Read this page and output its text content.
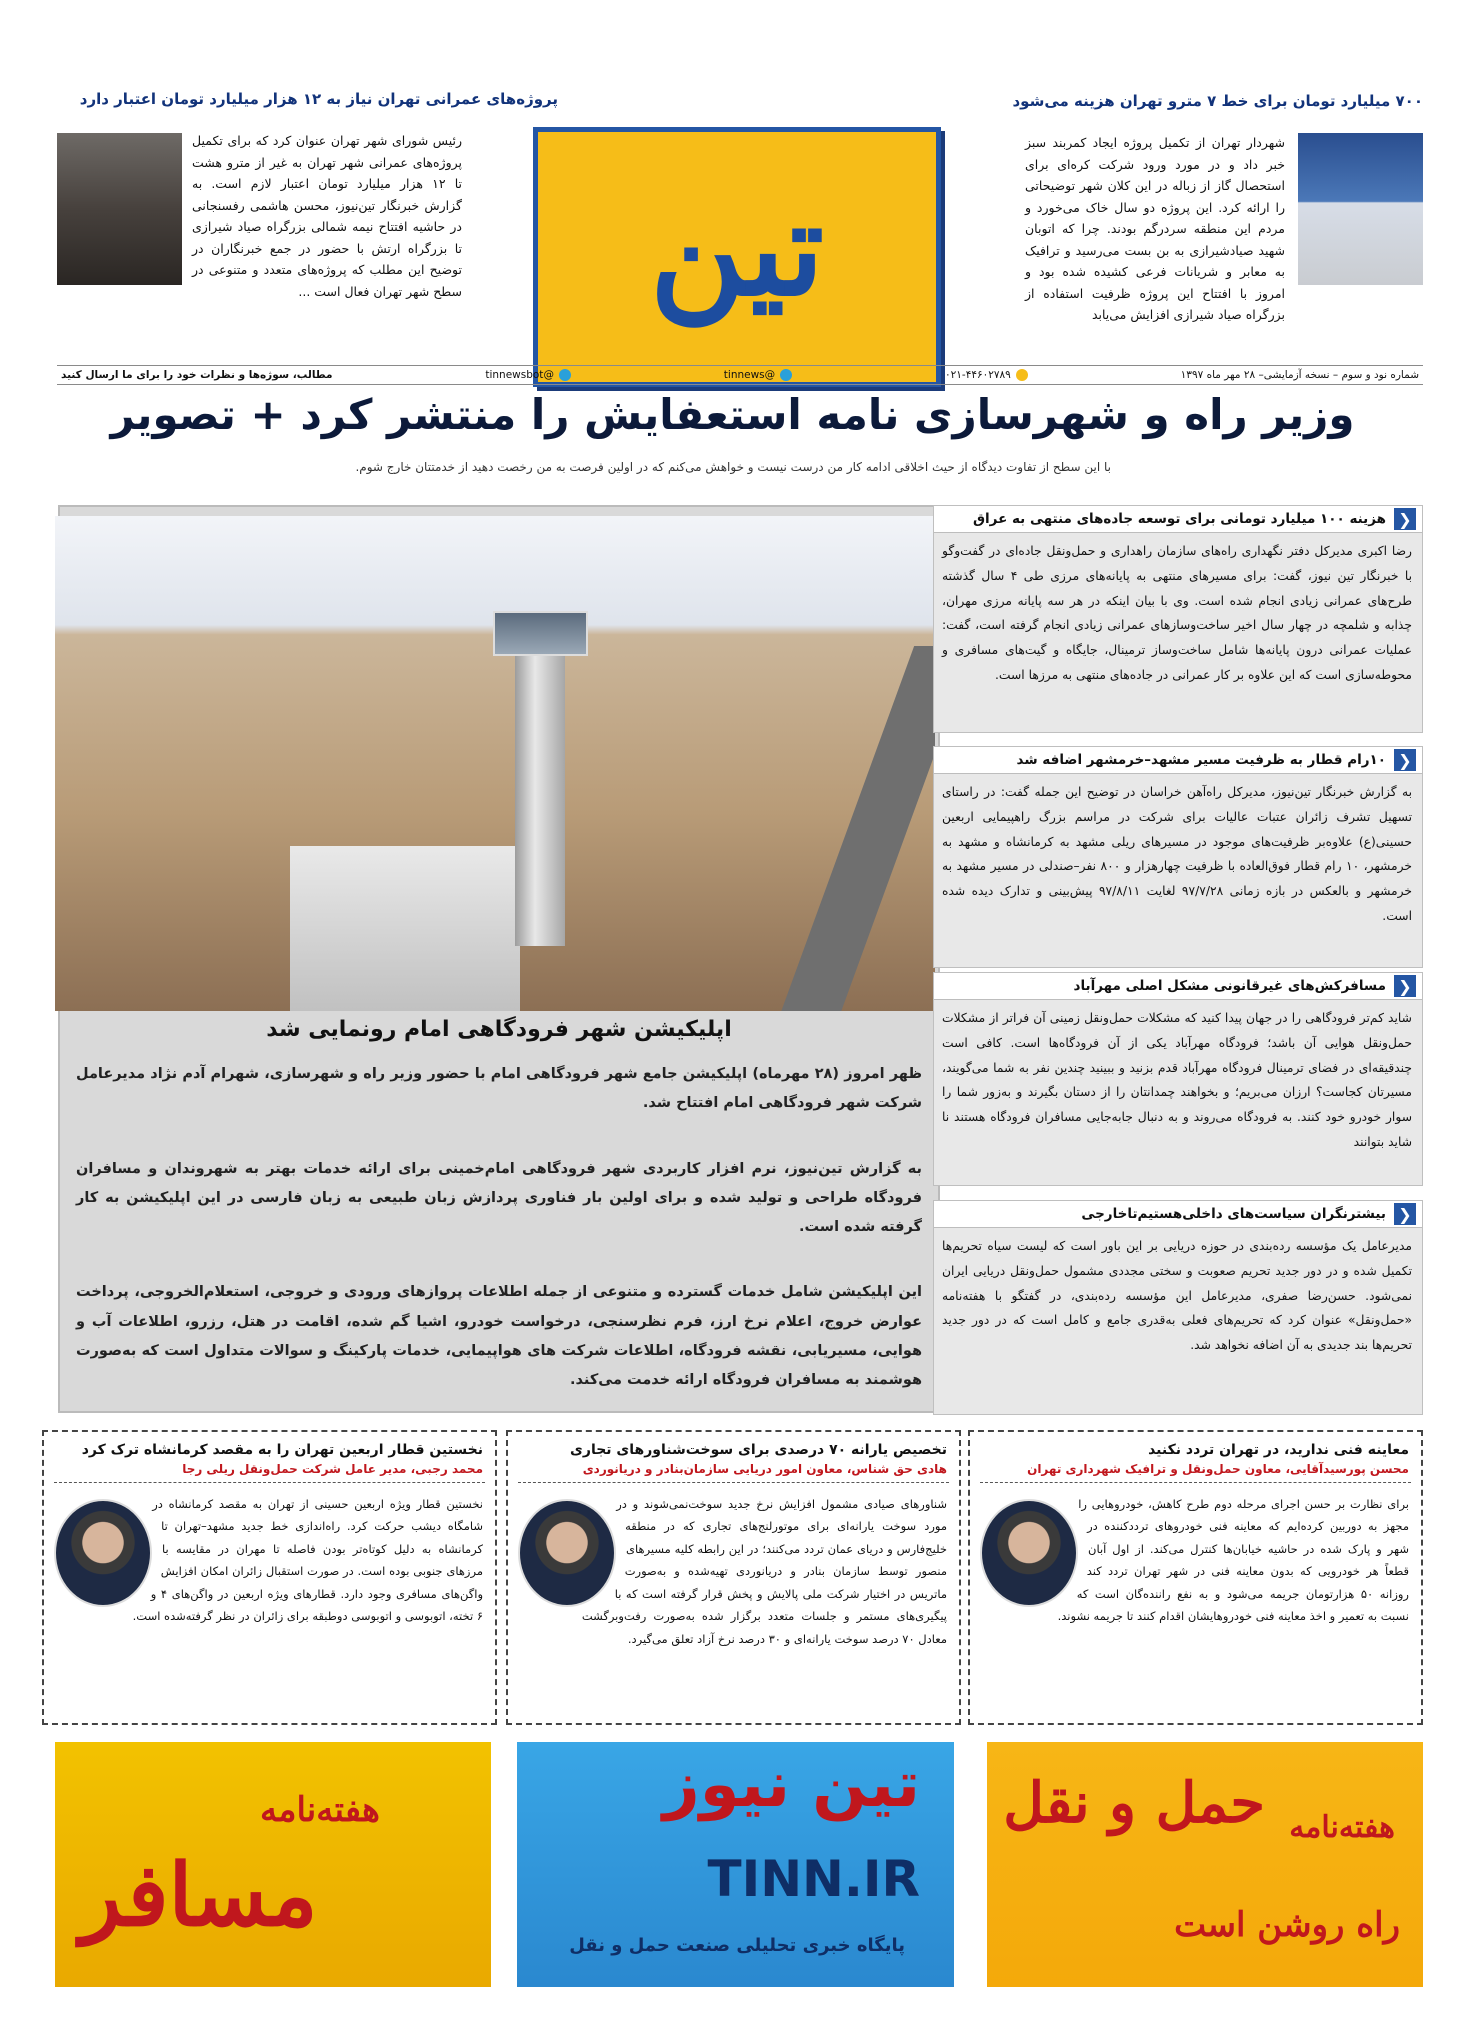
۷۰۰ میلیارد تومان برای خط ۷ مترو تهران هزینه می‌شود
پروژه‌های عمرانی تهران نیاز به ۱۲ هزار میلیارد تومان اعتبار دارد
شهردار تهران از تکمیل پروژه ایجاد کمربند سبز خبر داد و در مورد ورود شرکت کره‌ای برای استحصال گاز از زباله در این کلان شهر توضیحاتی را ارائه کرد. این پروژه دو سال خاک می‌خورد و مردم این منطقه سردرگم بودند. چرا که اتوبان شهید صیادشیرازی به بن بست می‌رسید و ترافیک به معابر و شریانات فرعی کشیده شده بود و امروز با افتتاح این پروژه ظرفیت استفاده از بزرگراه صیاد شیرازی افزایش می‌یابد
رئیس شورای شهر تهران عنوان کرد که برای تکمیل پروژه‌های عمرانی شهر تهران به غیر از مترو هشت تا ۱۲ هزار میلیارد تومان اعتبار لازم است. به گزارش خبرنگار تین‌نیوز، محسن هاشمی رفسنجانی در حاشیه افتتاح نیمه شمالی بزرگراه صیاد شیرازی تا بزرگراه ارتش با حضور در جمع خبرنگاران در توضیح این مطلب که پروژه‌های متعدد و متنوعی در سطح شهر تهران فعال است ...	تین
شماره نود و سوم – نسخه آزمایشی– ۲۸ مهر ماه ۱۳۹۷
۰۲۱-۴۴۶۰۲۷۸۹
@tinnews
@tinnewsbot
مطالب، سوژه‌ها و نظرات خود را برای ما ارسال کنید
وزیر راه و شهرسازی نامه استعفایش را منتشر کرد + تصویر
با این سطح از تفاوت دیدگاه از حیث اخلاقی ادامه کار من درست نیست و خواهش می‌کنم که در اولین فرصت به من رخصت دهید از خدمتتان خارج شوم.
اپلیکیشن شهر فرودگاهی امام رونمایی شد

ظهر امروز (۲۸ مهرماه) اپلیکیشن جامع شهر فرودگاهی امام با حضور وزیر راه و شهرسازی، شهرام آدم نژاد مدیرعامل شرکت شهر فرودگاهی امام افتتاح شد.

به گزارش تین‌نیوز، نرم افزار کاربردی شهر فرودگاهی امام‌خمینی برای ارائه خدمات بهتر به شهروندان و مسافران فرودگاه طراحی و تولید شده و برای اولین بار فناوری پردازش زبان طبیعی به زبان فارسی در این اپلیکیشن به کار گرفته شده است.

این اپلیکیشن شامل خدمات گسترده و متنوعی از جمله اطلاعات پروازهای ورودی و خروجی، استعلام‌الخروجی، پرداخت عوارض خروج، اعلام نرخ ارز، فرم نظرسنجی، درخواست خودرو، اشیا گم شده، اقامت در هتل، رزرو، اطلاعات آب و هوایی، مسیریابی، نقشه فرودگاه، اطلاعات شرکت های هواپیمایی، خدمات پارکینگ و سوالات متداول است که به‌صورت هوشمند به مسافران فرودگاه ارائه خدمت می‌کند.

❮
هزینه ۱۰۰ میلیارد تومانی برای توسعه جاده‌های منتهی به عراق
رضا اکبری مدیرکل دفتر نگهداری راه‌های سازمان راهداری و حمل‌ونقل جاده‌ای در گفت‌وگو با خبرنگار تین نیوز، گفت: برای مسیرهای منتهی به پایانه‌های مرزی طی ۴ سال گذشته طرح‌های عمرانی زیادی انجام شده است. وی با بیان اینکه در هر سه پایانه مرزی مهران، چذابه و شلمچه در چهار سال اخیر ساخت‌وسازهای عمرانی زیادی انجام گرفته است، گفت: عملیات عمرانی درون پایانه‌ها شامل ساخت‌وساز ترمینال، جایگاه و گیت‌های مسافری و محوطه‌سازی است که این علاوه بر کار عمرانی در جاده‌های منتهی به مرزها است.
❮
۱۰رام قطار به ظرفیت مسیر مشهد–خرمشهر اضافه شد
به گزارش خبرنگار تین‌نیوز، مدیرکل راه‌آهن خراسان در توضیح این جمله گفت: در راستای تسهیل تشرف زائران عتبات عالیات برای شرکت در مراسم بزرگ راهپیمایی اربعین حسینی(ع) علاوه‌بر ظرفیت‌های موجود در مسیرهای ریلی مشهد به کرمانشاه و مشهد به خرمشهر، ۱۰ رام قطار فوق‌العاده با ظرفیت چهارهزار و ۸۰۰ نفر–صندلی در مسیر مشهد به خرمشهر و بالعکس در بازه زمانی ۹۷/۷/۲۸ لغایت ۹۷/۸/۱۱ پیش‌بینی و تدارک دیده شده است.
❮
مسافرکش‌های غیرقانونی مشکل اصلی مهرآباد
شاید کم‌تر فرودگاهی را در جهان پیدا کنید که مشکلات حمل‌ونقل زمینی آن فراتر از مشکلات حمل‌ونقل هوایی آن باشد؛ فرودگاه مهرآباد یکی از آن فرودگاه‌ها است. کافی است چندقیقه‌ای در فضای ترمینال فرودگاه مهرآباد قدم بزنید و ببینید چندین نفر به شما می‌گویند، مسیرتان کجاست؟ ارزان می‌بریم؛ و بخواهند چمدانتان را از دستان بگیرند و به‌زور شما را سوار خودرو خود کنند. به فرودگاه می‌روند و به دنبال جابه‌جایی مسافران فرودگاه هستند نا شاید بتوانند
❮
بیشترنگران سیاست‌های داخلی‌هستیم‌تاخارجی
مدیرعامل یک مؤسسه رده‌بندی در حوزه دریایی بر این باور است که لیست سیاه تحریم‌ها تکمیل شده و در دور جدید تحریم صعوبت و سختی مجددی مشمول حمل‌ونقل دریایی ایران نمی‌شود. حسن‌رضا صفری، مدیرعامل این مؤسسه رده‌بندی، در گفتگو با هفته‌نامه «حمل‌ونقل» عنوان کرد که تحریم‌های فعلی به‌قدری جامع و کامل است که در دور جدید تحریم‌ها بند جدیدی به آن اضافه نخواهد شد.
معاینه فنی ندارید، در تهران تردد نکنید
محسن پورسیدآقایی، معاون حمل‌ونقل و ترافیک شهرداری تهران
برای نظارت بر حسن اجرای مرحله دوم طرح کاهش، خودروهایی را مجهز به دوربین کرده‌ایم که معاینه فنی خودروهای ترددکننده در شهر و پارک شده در حاشیه خیابان‌ها کنترل می‌کند. از اول آبان قطعاً هر خودرویی که بدون معاینه فنی در شهر تهران تردد کند روزانه ۵۰ هزارتومان جریمه می‌شود و به نفع راننده‌گان است که نسبت به تعمیر و اخذ معاینه فنی خودروهایشان اقدام کنند تا جریمه نشوند.
تخصیص یارانه ۷۰ درصدی برای سوخت‌شناورهای تجاری
هادی حق شناس، معاون امور دریایی سازمان‌بنادر و دریانوردی
شناورهای صیادی مشمول افزایش نرخ جدید سوخت‌نمی‌شوند و در مورد سوخت یارانه‌ای برای موتورلنج‌های تجاری که در منطقه خلیج‌فارس و دریای عمان تردد می‌کنند؛ در این رابطه کلیه مسیرهای منصور توسط سازمان بنادر و دریانوردی تهیه‌شده و به‌صورت ماتریس در اختیار شرکت ملی پالایش و پخش قرار گرفته است که با پیگیری‌های مستمر و جلسات متعدد برگزار شده به‌صورت رفت‌وبرگشت معادل ۷۰ درصد سوخت یارانه‌ای و ۳۰ درصد نرخ آزاد تعلق می‌گیرد.
نخستین قطار اربعین تهران را به مقصد کرمانشاه ترک کرد
محمد رجبی، مدیر عامل شرکت حمل‌ونقل ریلی رجا
نخستین قطار ویژه اربعین حسینی از تهران به مقصد کرمانشاه در شامگاه دیشب حرکت کرد. راه‌اندازی خط جدید مشهد–تهران تا کرمانشاه به دلیل کوتاه‌تر بودن فاصله تا مهران در مقایسه با مرزهای جنوبی بوده است. در صورت استقبال زائران امکان افزایش واگن‌های مسافری وجود دارد. قطارهای ویژه اربعین در واگن‌های ۴ و ۶ تخته، اتوبوسی و اتوبوسی دوطبقه برای زائران در نظر گرفته‌شده است.
حمل و نقل هفته‌نامه
راه روشن است
تین نیوز
TINN.IR
پایگاه خبری تحلیلی صنعت حمل و نقل
هفته‌نامه
مسافر
